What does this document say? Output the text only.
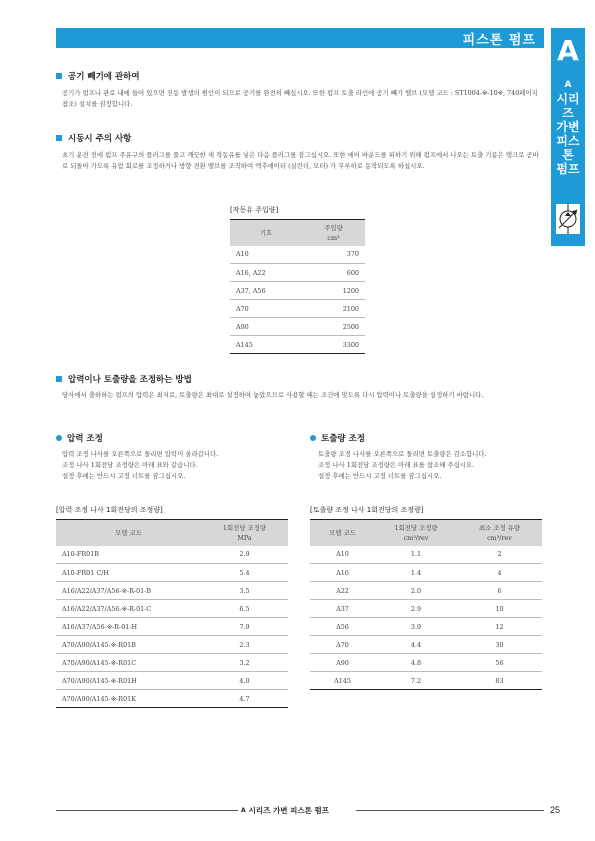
피스톤 펌프 A
A
시리즈
가변
피스톤
펌프
공기 빼기에 관하여
공기가 펌프나 관로 내에 들어 있으면 진동 발생의 원인이 되므로 공기를 완전히 빼십시오. 또한 펌프 토출 라인에 공기 빼기 밸브 (모델 코드 : ST1004-※-10※, 740페이지 참조) 설치를 권장합니다.
시동시 주의 사항
초기 운전 전에 펌프 주유구의 플러그를 풀고 깨끗한 새 작동유를 넣은 다음 플러그를 잠그십시오. 또한 에어 바운드를 피하기 위해 펌프에서 나오는 토출 기름은 탱크로 곧바로 되돌아 가도록 유압 회로를 조정하거나 방향 전환 밸브를 조작하여 액추에이터 (실린더, 모터) 가 무부하로 동작되도록 하십시오.
[작동유 주입량]
기호	주입량
cm³
A10	370
A16, A22	600
A37, A56	1200
A70	2100
A90	2500
A145	3300
압력이나 토출량을 조정하는 방법
당사에서 출하하는 펌프의 압력은 최저로, 토출량은 최대로 설정하여 놓았으므로 사용할 때는 조건에 맞도록 다시 압력이나 토출량을 설정하기 바랍니다.
압력 조정
압력 조정 나사를 오른쪽으로 돌리면 압력이 올라갑니다.
조정 나사 1회전당 조정량은 아래 표와 같습니다.
설정 후에는 반드시 고정 너트를 잠그십시오.
토출량 조정
토출량 조정 나사를 오른쪽으로 돌리면 토출량은 감소합니다.
조정 나사 1회전당 조정량은 아래 표를 참조해 주십시오.
설정 후에는 반드시 고정 너트를 잠그십시오.
[압력 조정 나사 1회전당의 조정량]
모델 코드	1회전당 조정량
MPa
A10-FR01B	2.9
A10-FR01 C/H	5.4
A16/A22/A37/A56-※-R-01-B	3.5
A16/A22/A37/A56-※-R-01-C	6.5
A16/A37/A56-※-R-01-H	7.9
A70/A90/A145-※-R01B	2.3
A70/A90/A145-※-R01C	3.2
A70/A90/A145-※-R01H	4.0
A70/A90/A145-※-R01K	4.7
[토출량 조정 나사 1회전당의 조정량]
모델 코드	1회전당 조정량
cm³/rev	최소 조정 유량
cm³/rev
A10	1.1	2
A16	1.4	4
A22	2.0	6
A37	2.9	10
A56	3.9	12
A70	4.4	30
A90	4.8	56
A145	7.2	83
A 시리즈 가변 피스톤 펌프	25
